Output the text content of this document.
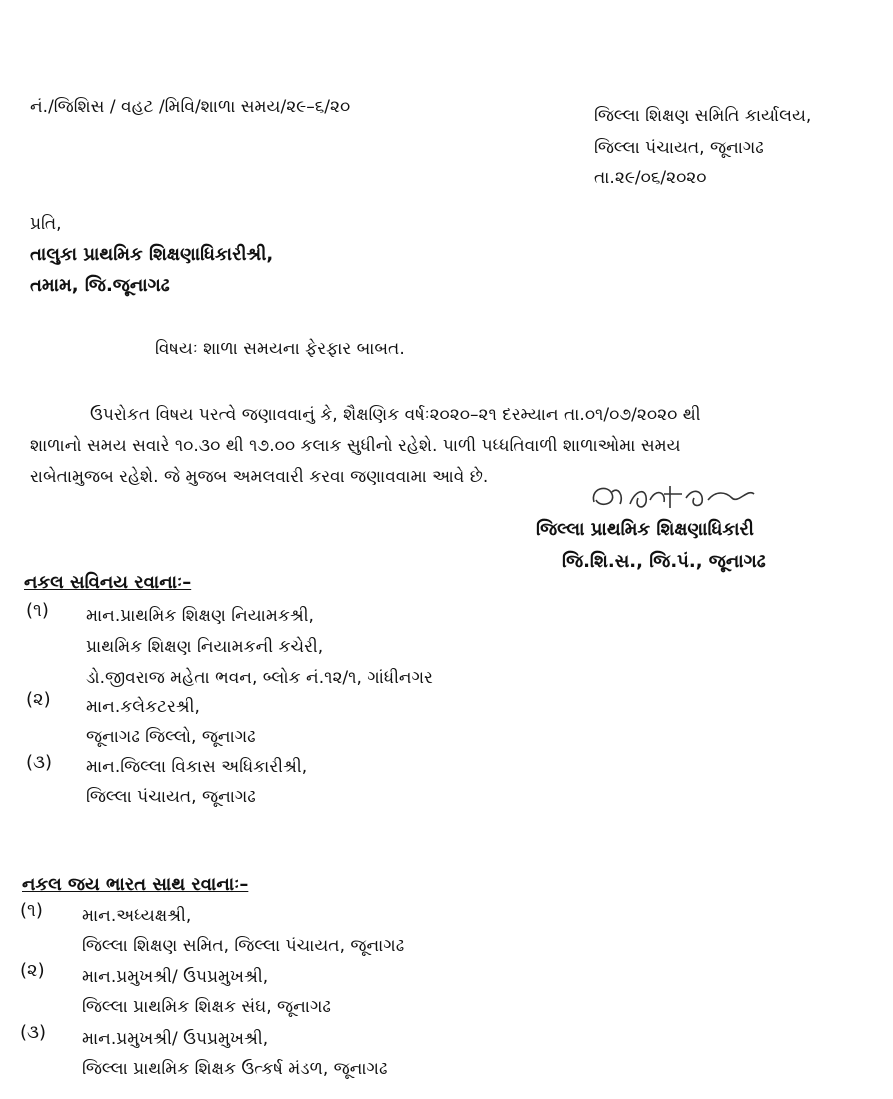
નં./જિશિસ / વહટ /મિવિ/શાળા સમય/૨૯–૬/૨૦	જિલ્લા શિક્ષણ સમિતિ કાર્યાલય,
જિલ્લા પંચાયત, જૂનાગઢ
તા.૨૯/૦૬/૨૦૨૦
પ્રતિ,
તાલુકા પ્રાથમિક શિક્ષણાધિકારીશ્રી,
તમામ, જિ.જૂનાગઢ
વિષયઃ શાળા સમયના ફેરફાર બાબત.
ઉપરોકત વિષય પરત્વે જણાવવાનું કે, શૈક્ષણિક વર્ષઃ૨૦૨૦–૨૧ દરમ્યાન તા.૦૧/૦૭/૨૦૨૦ થી
શાળાનો સમય સવારે ૧૦.૩૦ થી ૧૭.૦૦ કલાક સુધીનો રહેશે. પાળી પધ્ધતિવાળી શાળાઓમા સમય
રાબેતામુજબ રહેશે. જે મુજબ અમલવારી કરવા જણાવવામા આવે છે.
જિલ્લા પ્રાથમિક શિક્ષણાધિકારી
જિ.શિ.સ., જિ.પં., જૂનાગઢ
નકલ સવિનય રવાનાઃ–
(૧) માન.પ્રાથમિક શિક્ષણ નિયામકશ્રી,
પ્રાથમિક શિક્ષણ નિયામકની કચેરી,
ડો.જીવરાજ મહેતા ભવન, બ્લોક નં.૧૨/૧, ગાંધીનગર
(૨) માન.કલેકટરશ્રી,
જૂનાગઢ જિલ્લો, જૂનાગઢ
(૩) માન.જિલ્લા વિકાસ અધિકારીશ્રી,
જિલ્લા પંચાયત, જૂનાગઢ
નકલ જય ભારત સાથ રવાનાઃ–
(૧) માન.અધ્યક્ષશ્રી,
જિલ્લા શિક્ષણ સમિત, જિલ્લા પંચાયત, જૂનાગઢ
(૨) માન.પ્રમુખશ્રી/ ઉપપ્રમુખશ્રી,
જિલ્લા પ્રાથમિક શિક્ષક સંઘ, જૂનાગઢ
(૩) માન.પ્રમુખશ્રી/ ઉપપ્રમુખશ્રી,
જિલ્લા પ્રાથમિક શિક્ષક ઉત્કર્ષ મંડળ, જૂનાગઢ
